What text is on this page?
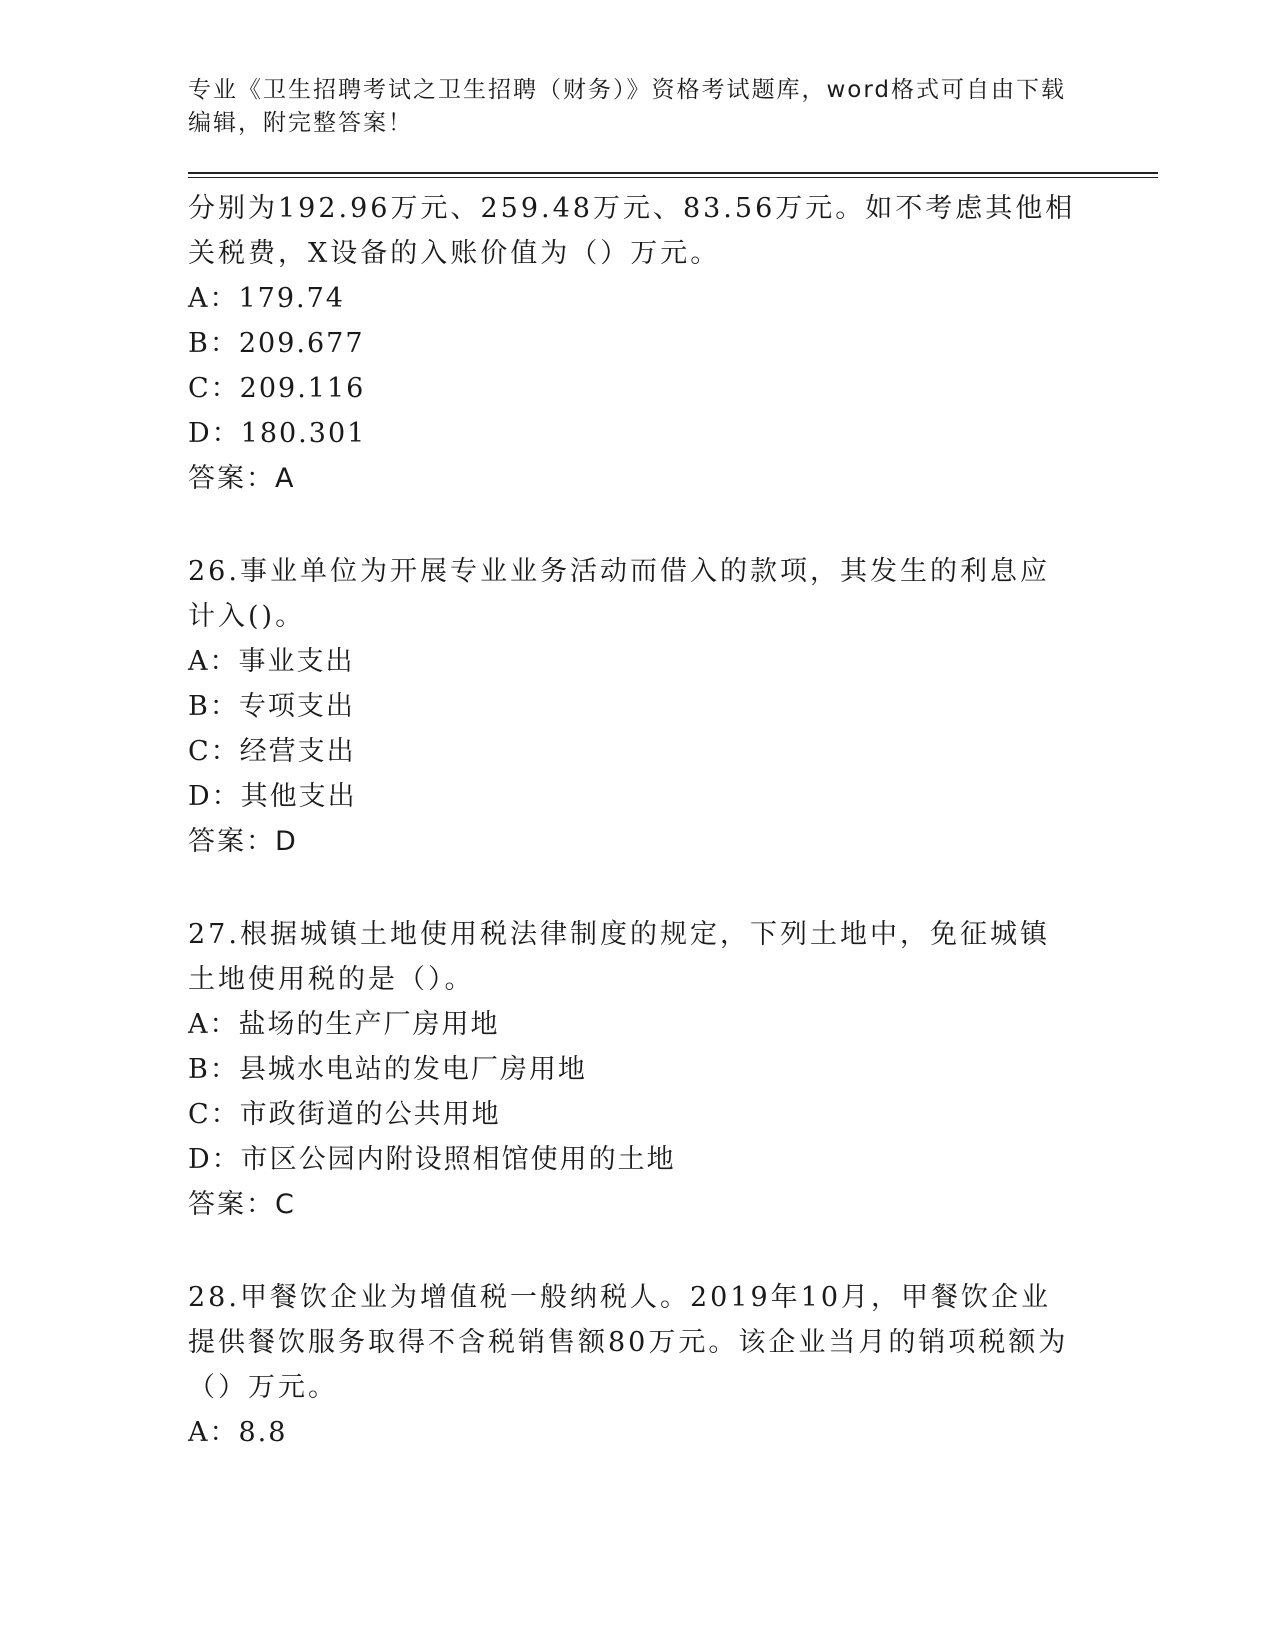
专业《卫生招聘考试之卫生招聘（财务）》资格考试题库，word格式可自由下载编辑，附完整答案！
分别为192.96万元、259.48万元、83.56万元。如不考虑其他相关税费，X设备的入账价值为（）万元。
A：179.74
B：209.677
C：209.116
D：180.301
答案：A
26.事业单位为开展专业业务活动而借入的款项，其发生的利息应计入()。
A：事业支出
B：专项支出
C：经营支出
D：其他支出
答案：D
27.根据城镇土地使用税法律制度的规定，下列土地中，免征城镇土地使用税的是（）。
A：盐场的生产厂房用地
B：县城水电站的发电厂房用地
C：市政街道的公共用地
D：市区公园内附设照相馆使用的土地
答案：C
28.甲餐饮企业为增值税一般纳税人。2019年10月，甲餐饮企业提供餐饮服务取得不含税销售额80万元。该企业当月的销项税额为（）万元。
A：8.8
